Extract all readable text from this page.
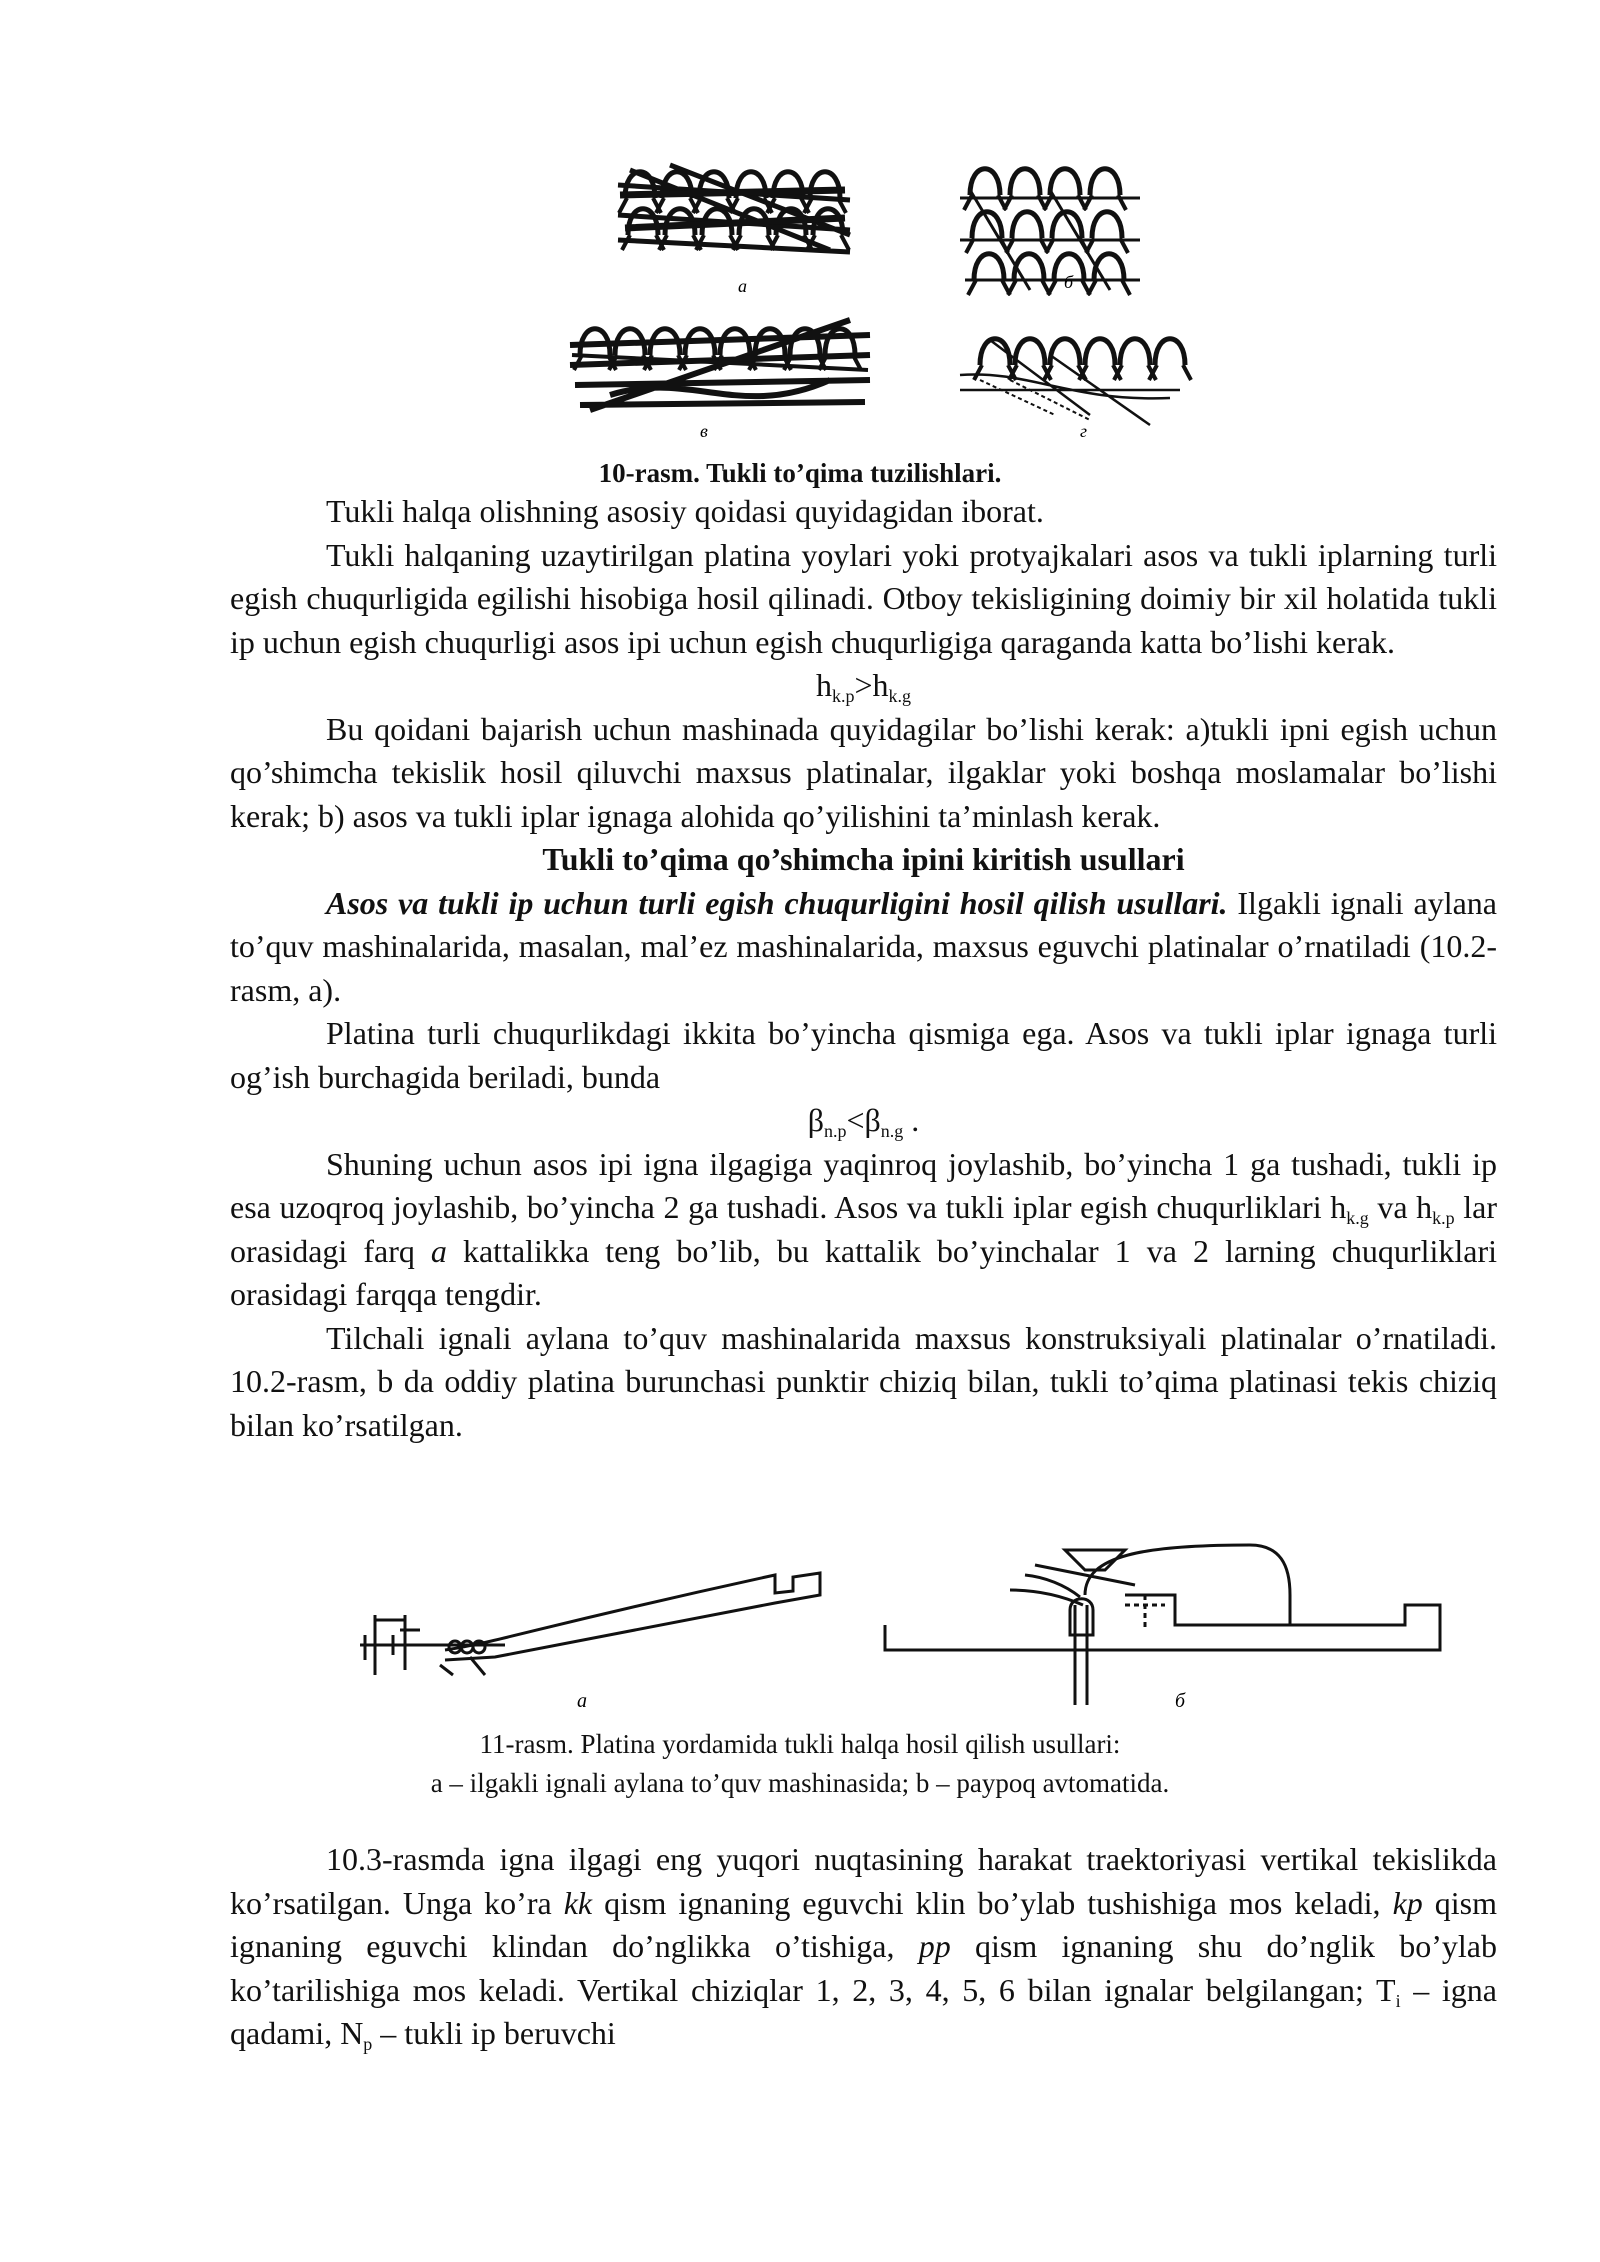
a	б
в	г
10-rasm. Tukli to’qima tuzilishlari.

Tukli halqa olishning asosiy qoidasi quyidagidan iborat.

Tukli halqaning uzaytirilgan platina yoylari yoki protyajkalari asos va tukli iplarning turli egish chuqurligida egilishi hisobiga hosil qilinadi. Otboy tekisligining doimiy bir xil holatida tukli ip uchun egish chuqurligi asos ipi uchun egish chuqurligiga qaraganda katta bo’lishi kerak.

$h_{k.p}>h_{k.g}$

Bu qoidani bajarish uchun mashinada quyidagilar bo’lishi kerak: a)tukli ipni egish uchun qo’shimcha tekislik hosil qiluvchi maxsus platinalar, ilgaklar yoki boshqa moslamalar bo’lishi kerak; b) asos va tukli iplar ignaga alohida qo’yilishini ta’minlash kerak.

Tukli to’qima qo’shimcha ipini kiritish usullari

Asos va tukli ip uchun turli egish chuqurligini hosil qilish usullari. Ilgakli ignali aylana to’quv mashinalarida, masalan, mal’ez mashinalarida, maxsus eguvchi platinalar o’rnatiladi (10.2-rasm, a).

Platina turli chuqurlikdagi ikkita bo’yincha qismiga ega. Asos va tukli iplar ignaga turli og’ish burchagida beriladi, bunda

$\beta_{n.p}<\beta_{n.g}$ .

Shuning uchun asos ipi igna ilgagiga yaqinroq joylashib, bo’yincha 1 ga tushadi, tukli ip esa uzoqroq joylashib, bo’yincha 2 ga tushadi. Asos va tukli iplar egish chuqurliklari $h_{k.g}$ va $h_{k.p}$ lar orasidagi farq a kattalikka teng bo’lib, bu kattalik bo’yinchalar 1 va 2 larning chuqurliklari orasidagi farqqa tengdir.

Tilchali ignali aylana to’quv mashinalarida maxsus konstruksiyali platinalar o’rnatiladi. 10.2-rasm, b da oddiy platina burunchasi punktir chiziq bilan, tukli to’qima platinasi tekis chiziq bilan ko’rsatilgan.

a	б
11-rasm. Platina yordamida tukli halqa hosil qilish usullari:
a – ilgakli ignali aylana to’quv mashinasida; b – paypoq avtomatida.

10.3-rasmda igna ilgagi eng yuqori nuqtasining harakat traektoriyasi vertikal tekislikda ko’rsatilgan. Unga ko’ra kk qism ignaning eguvchi klin bo’ylab tushishiga mos keladi, kp qism ignaning eguvchi klindan do’nglikka o’tishiga, pp qism ignaning shu do’nglik bo’ylab ko’tarilishiga mos keladi. Vertikal chiziqlar 1, 2, 3, 4, 5, 6 bilan ignalar belgilangan; $T_i$ – igna qadami, $N_p$ – tukli ip beruvchi
